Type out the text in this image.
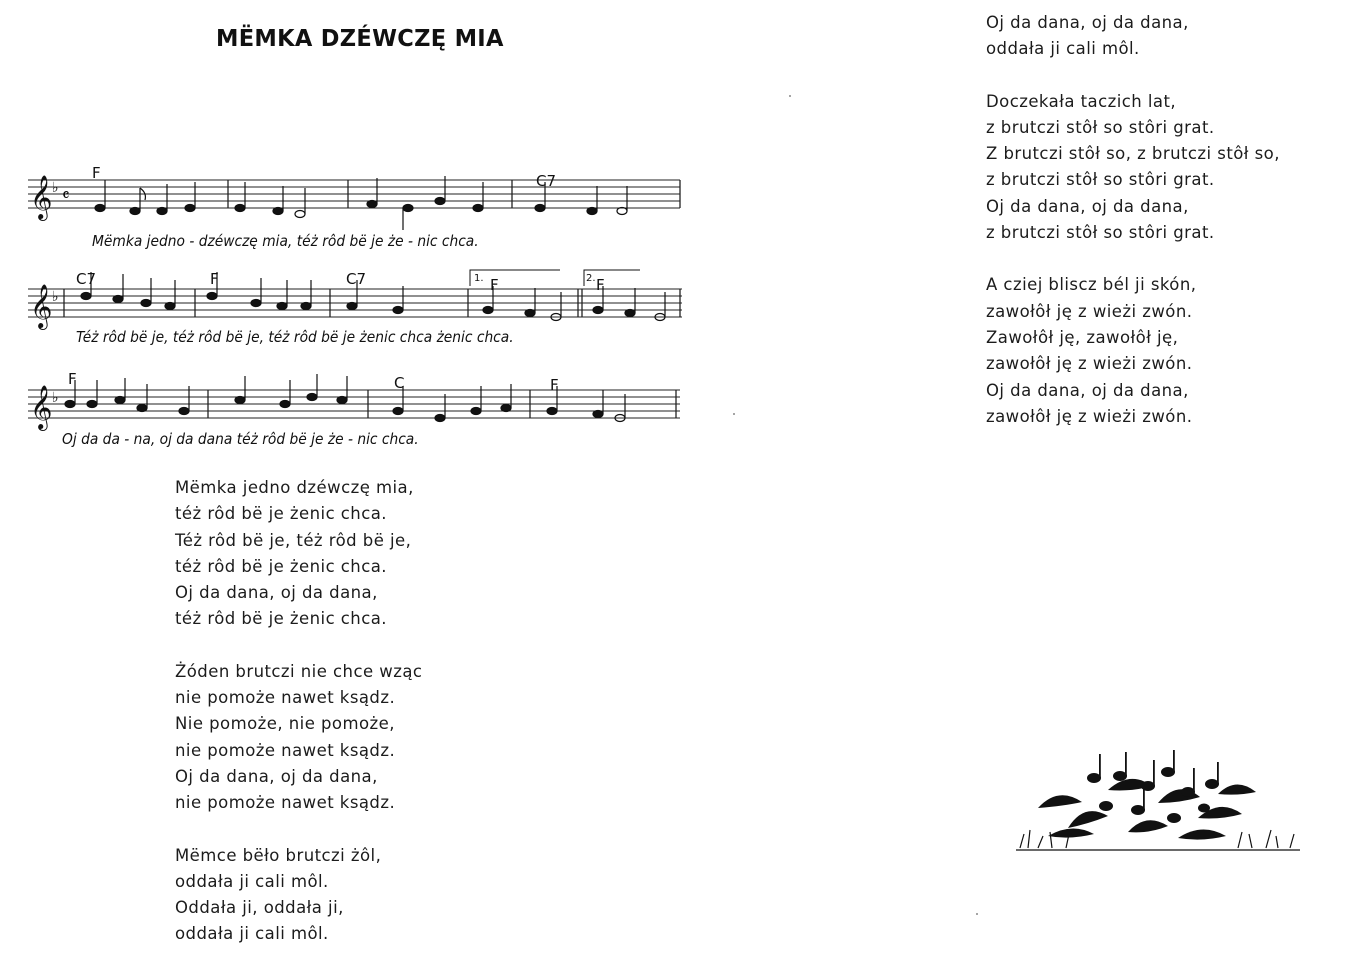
MËMKA DZÉWCZĘ MIA
𝄞 ♭ 𝄴
F	C7
𝄞 ♭
1.	2.
C7	F	C7	F	F
𝄞 ♭
F	C	F
Mëmka jedno - dzéwczę mia, téż rôd bë je że - nic chca.
Téż rôd bë je, téż rôd bë je, téż rôd bë je żenic chca żenic chca.
Oj da da - na, oj da dana téż rôd bë je że - nic chca.
Mëmka jedno dzéwczę mia,
téż rôd bë je żenic chca.
Téż rôd bë je, téż rôd bë je,
téż rôd bë je żenic chca.
Oj da dana, oj da dana,
téż rôd bë je żenic chca.
Żóden brutczi nie chce wząc
nie pomoże nawet ksądz.
Nie pomoże, nie pomoże,
nie pomoże nawet ksądz.
Oj da dana, oj da dana,
nie pomoże nawet ksądz.
Mëmce bëło brutczi żôl,
oddała ji cali môl.
Oddała ji, oddała ji,
oddała ji cali môl.
Oj da dana, oj da dana,
oddała ji cali môl.
Doczekała taczich lat,
z brutczi stôł so stôri grat.
Z brutczi stôł so, z brutczi stôł so,
z brutczi stôł so stôri grat.
Oj da dana, oj da dana,
z brutczi stôł so stôri grat.
A cziej bliscz bél ji skón,
zawołôł ję z wieżi zwón.
Zawołôł ję, zawołôł ję,
zawołôł ję z wieżi zwón.
Oj da dana, oj da dana,
zawołôł ję z wieżi zwón.
